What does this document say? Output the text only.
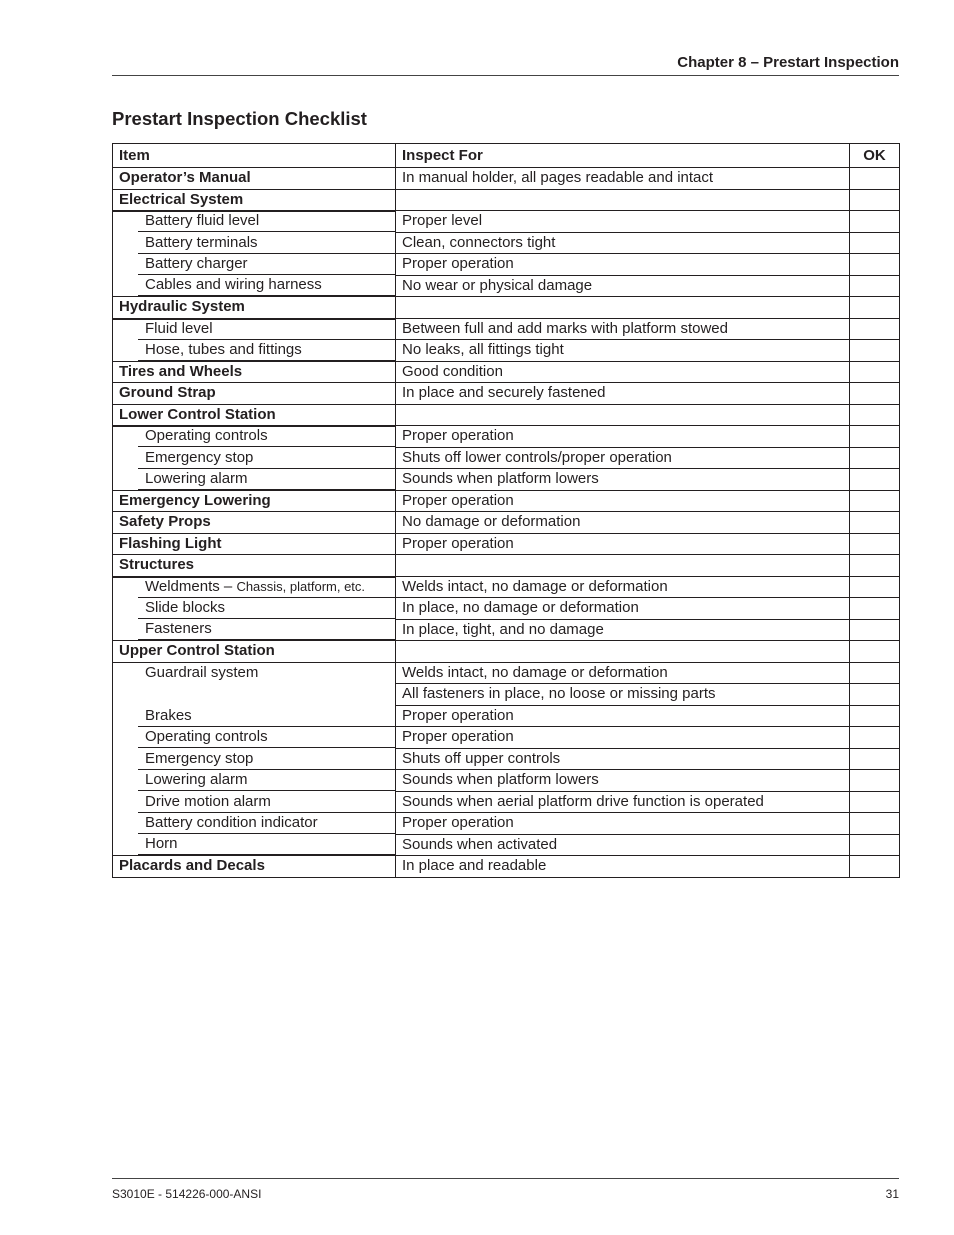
Chapter 8 – Prestart Inspection
Prestart Inspection Checklist
Item	Inspect For	OK
Operator’s Manual	In manual holder, all pages readable and intact	
Electrical System		

Battery fluid level	Proper level	

Battery terminals	Clean, connectors tight	

Battery charger	Proper operation	

Cables and wiring harness	No wear or physical damage	
Hydraulic System		

Fluid level	Between full and add marks with platform stowed	

Hose, tubes and fittings	No leaks, all fittings tight	
Tires and Wheels	Good condition	
Ground Strap	In place and securely fastened	
Lower Control Station		

Operating controls	Proper operation	

Emergency stop	Shuts off lower controls/proper operation	

Lowering alarm	Sounds when platform lowers	
Emergency Lowering	Proper operation	
Safety Props	No damage or deformation	
Flashing Light	Proper operation	
Structures		

Weldments – Chassis, platform, etc.	Welds intact, no damage or deformation	

Slide blocks	In place, no damage or deformation	

Fasteners	In place, tight, and no damage	
Upper Control Station		

Guardrail system	Welds intact, no damage or deformation	

	All fasteners in place, no loose or missing parts	

Brakes	Proper operation	

Operating controls	Proper operation	

Emergency stop	Shuts off upper controls	

Lowering alarm	Sounds when platform lowers	

Drive motion alarm	Sounds when aerial platform drive function is operated	

Battery condition indicator	Proper operation	

Horn	Sounds when activated	
Placards and Decals	In place and readable	
S3010E - 514226-000-ANSI	31
